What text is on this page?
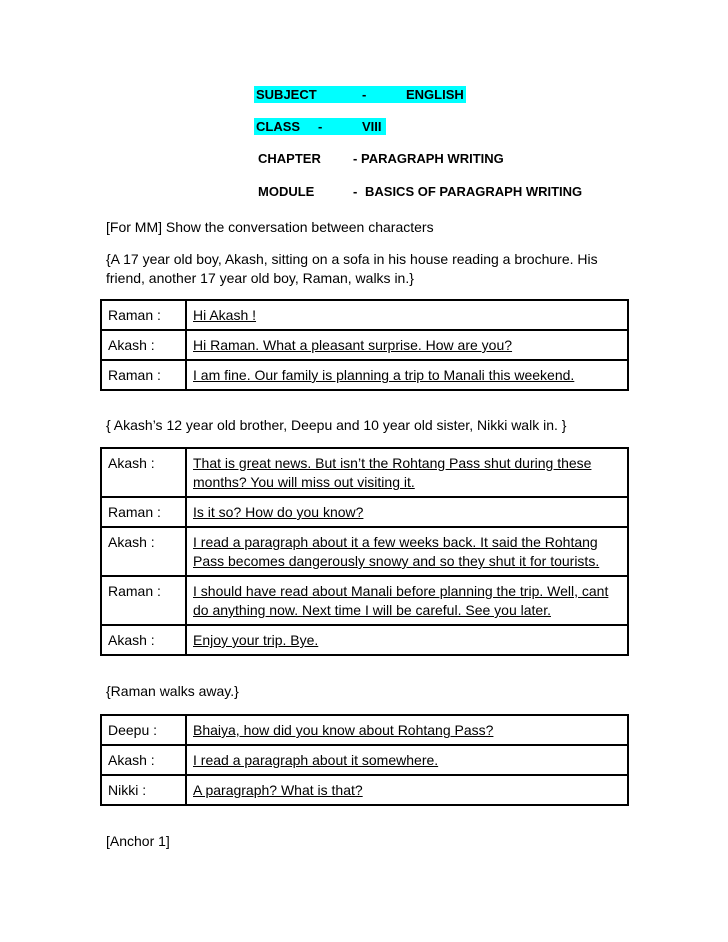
SUBJECT	-	ENGLISH
CLASS -	VIII
CHAPTER - PARAGRAPH WRITING
MODULE	- BASICS OF PARAGRAPH WRITING
[For MM] Show the conversation between characters
{A 17 year old boy, Akash, sitting on a sofa in his house reading a brochure. His friend, another 17 year old boy, Raman, walks in.}
Raman :	Hi Akash !
Akash :	Hi Raman. What a pleasant surprise. How are you?
Raman :	I am fine. Our family is planning a trip to Manali this weekend.
{ Akash’s 12 year old brother, Deepu and 10 year old sister, Nikki walk in. }
Akash :	That is great news. But isn’t the Rohtang Pass shut during these months? You will miss out visiting it.
Raman :	Is it so? How do you know?
Akash :	I read a paragraph about it a few weeks back. It said the Rohtang Pass becomes dangerously snowy and so they shut it for tourists.
Raman :	I should have read about Manali before planning the trip. Well, cant do anything now. Next time I will be careful. See you later.
Akash :	Enjoy your trip. Bye.
{Raman walks away.}
Deepu :	Bhaiya, how did you know about Rohtang Pass?
Akash :	I read a paragraph about it somewhere.
Nikki :	A paragraph? What is that?
[Anchor 1]
